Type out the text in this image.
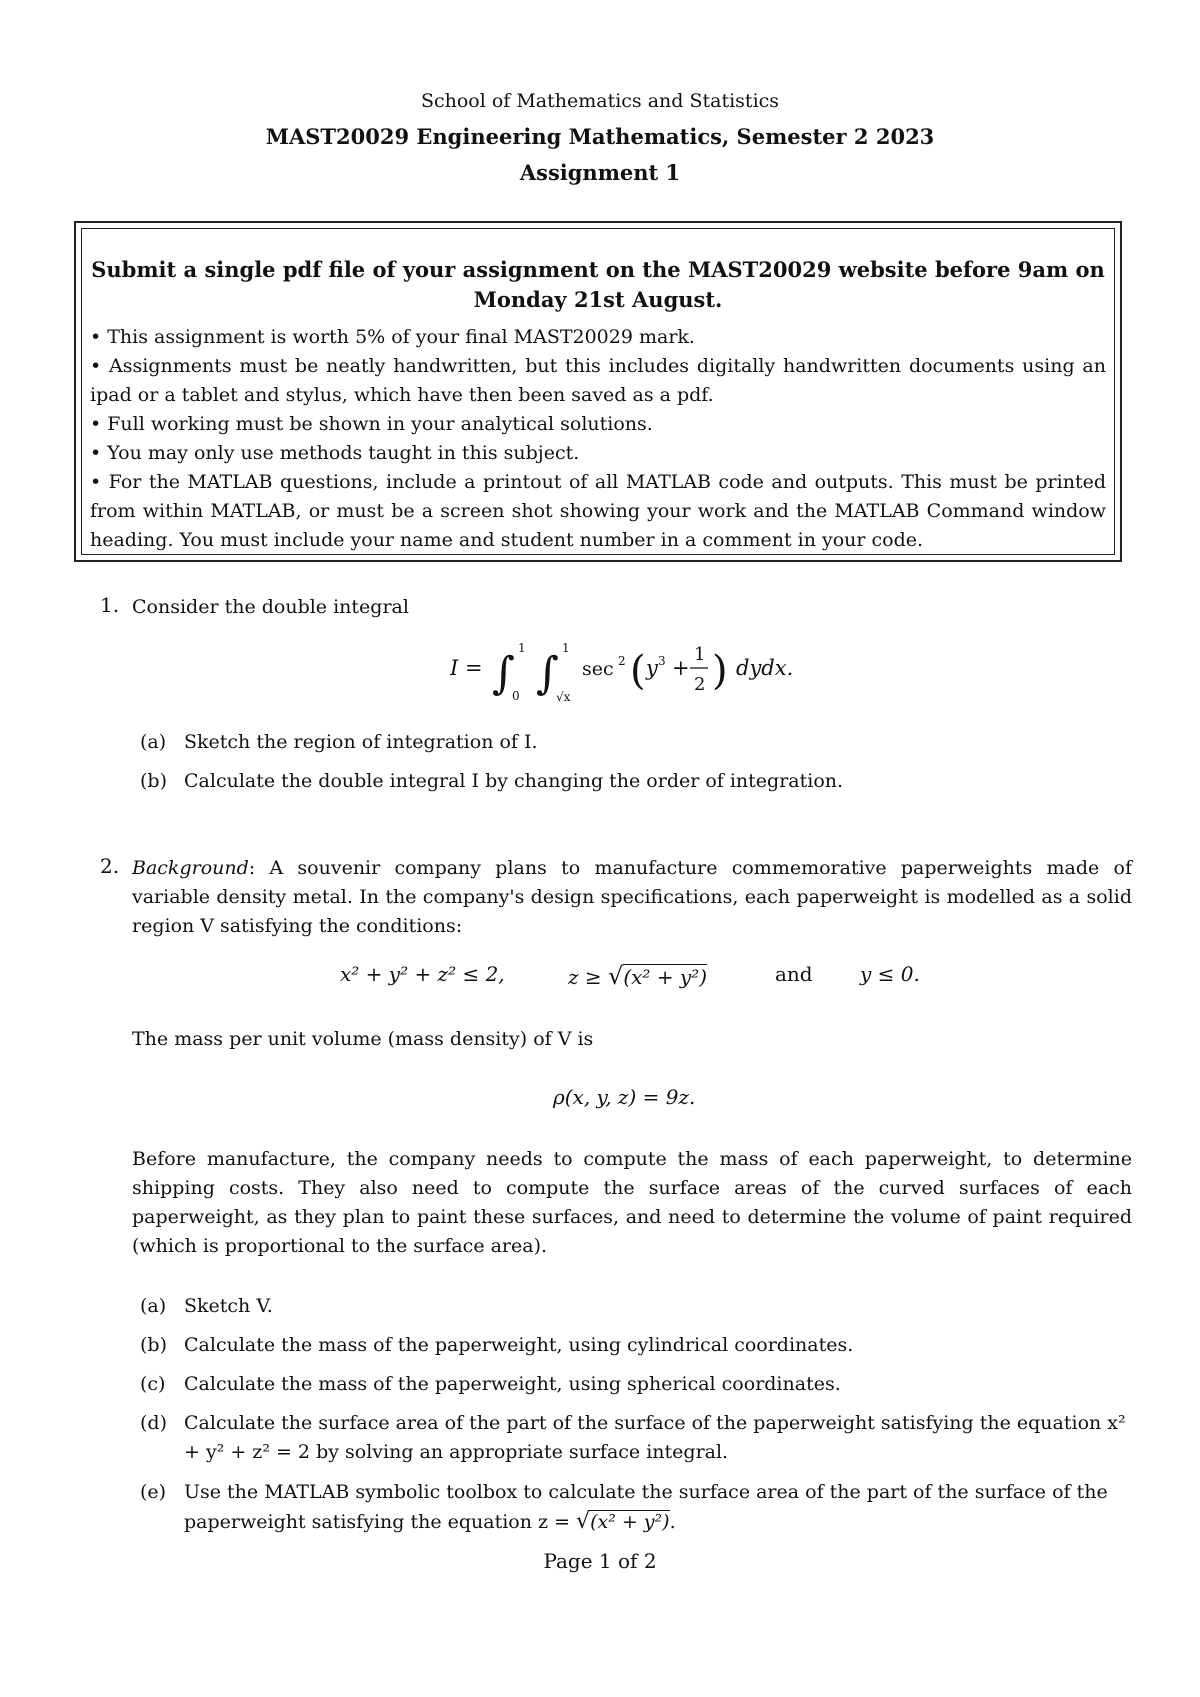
School of Mathematics and Statistics
MAST20029 Engineering Mathematics, Semester 2 2023
Assignment 1
Submit a single pdf file of your assignment on the MAST20029 website before 9am on Monday 21st August.
• This assignment is worth 5% of your final MAST20029 mark.
• Assignments must be neatly handwritten, but this includes digitally handwritten documents using an ipad or a tablet and stylus, which have then been saved as a pdf.
• Full working must be shown in your analytical solutions.
• You may only use methods taught in this subject.
• For the MATLAB questions, include a printout of all MATLAB code and outputs. This must be printed from within MATLAB, or must be a screen shot showing your work and the MATLAB Command window heading. You must include your name and student number in a comment in your code.
1. Consider the double integral
I = ∫ 1
0 ∫ 1
√x
sec 2 ( y 3 +
1
2 ) dydx.
(a) Sketch the region of integration of I.
(b) Calculate the double integral I by changing the order of integration.
2. Background: A souvenir company plans to manufacture commemorative paperweights made of variable density metal. In the company's design specifications, each paperweight is modelled as a solid region V satisfying the conditions:
x² + y² + z² ≤ 2,	z ≥ √(x² + y²)	and y ≤ 0.
The mass per unit volume (mass density) of V is
ρ(x, y, z) = 9z.
Before manufacture, the company needs to compute the mass of each paperweight, to determine shipping costs. They also need to compute the surface areas of the curved surfaces of each paperweight, as they plan to paint these surfaces, and need to determine the volume of paint required (which is proportional to the surface area).
(a) Sketch V.
(b) Calculate the mass of the paperweight, using cylindrical coordinates.
(c) Calculate the mass of the paperweight, using spherical coordinates.
(d) Calculate the surface area of the part of the surface of the paperweight satisfying the equation x² + y² + z² = 2 by solving an appropriate surface integral.
(e) Use the MATLAB symbolic toolbox to calculate the surface area of the part of the surface of the paperweight satisfying the equation z = √(x² + y²).
Page 1 of 2
